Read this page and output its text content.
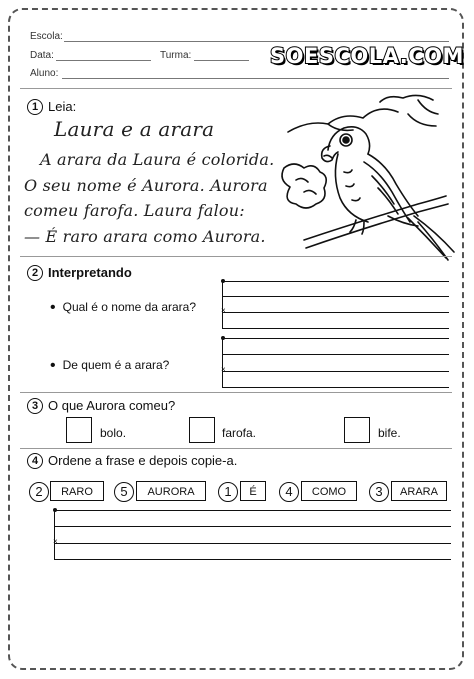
Escola:
Data:	Turma:
Aluno:
SOESCOLA.COM
1 Leia:
Laura e a arara
A arara da Laura é colorida.
O seu nome é Aurora. Aurora
comeu farofa. Laura falou:
— É raro arara como Aurora.
2 Interpretando
• Qual é o nome da arara?	×
• De quem é a arara?	×
3 O que Aurora comeu?
bolo.	farofa.	bife.
4 Ordene a frase e depois copie-a.
2	RARO	5	AURORA	1	É	4	COMO	3	ARARA
×
